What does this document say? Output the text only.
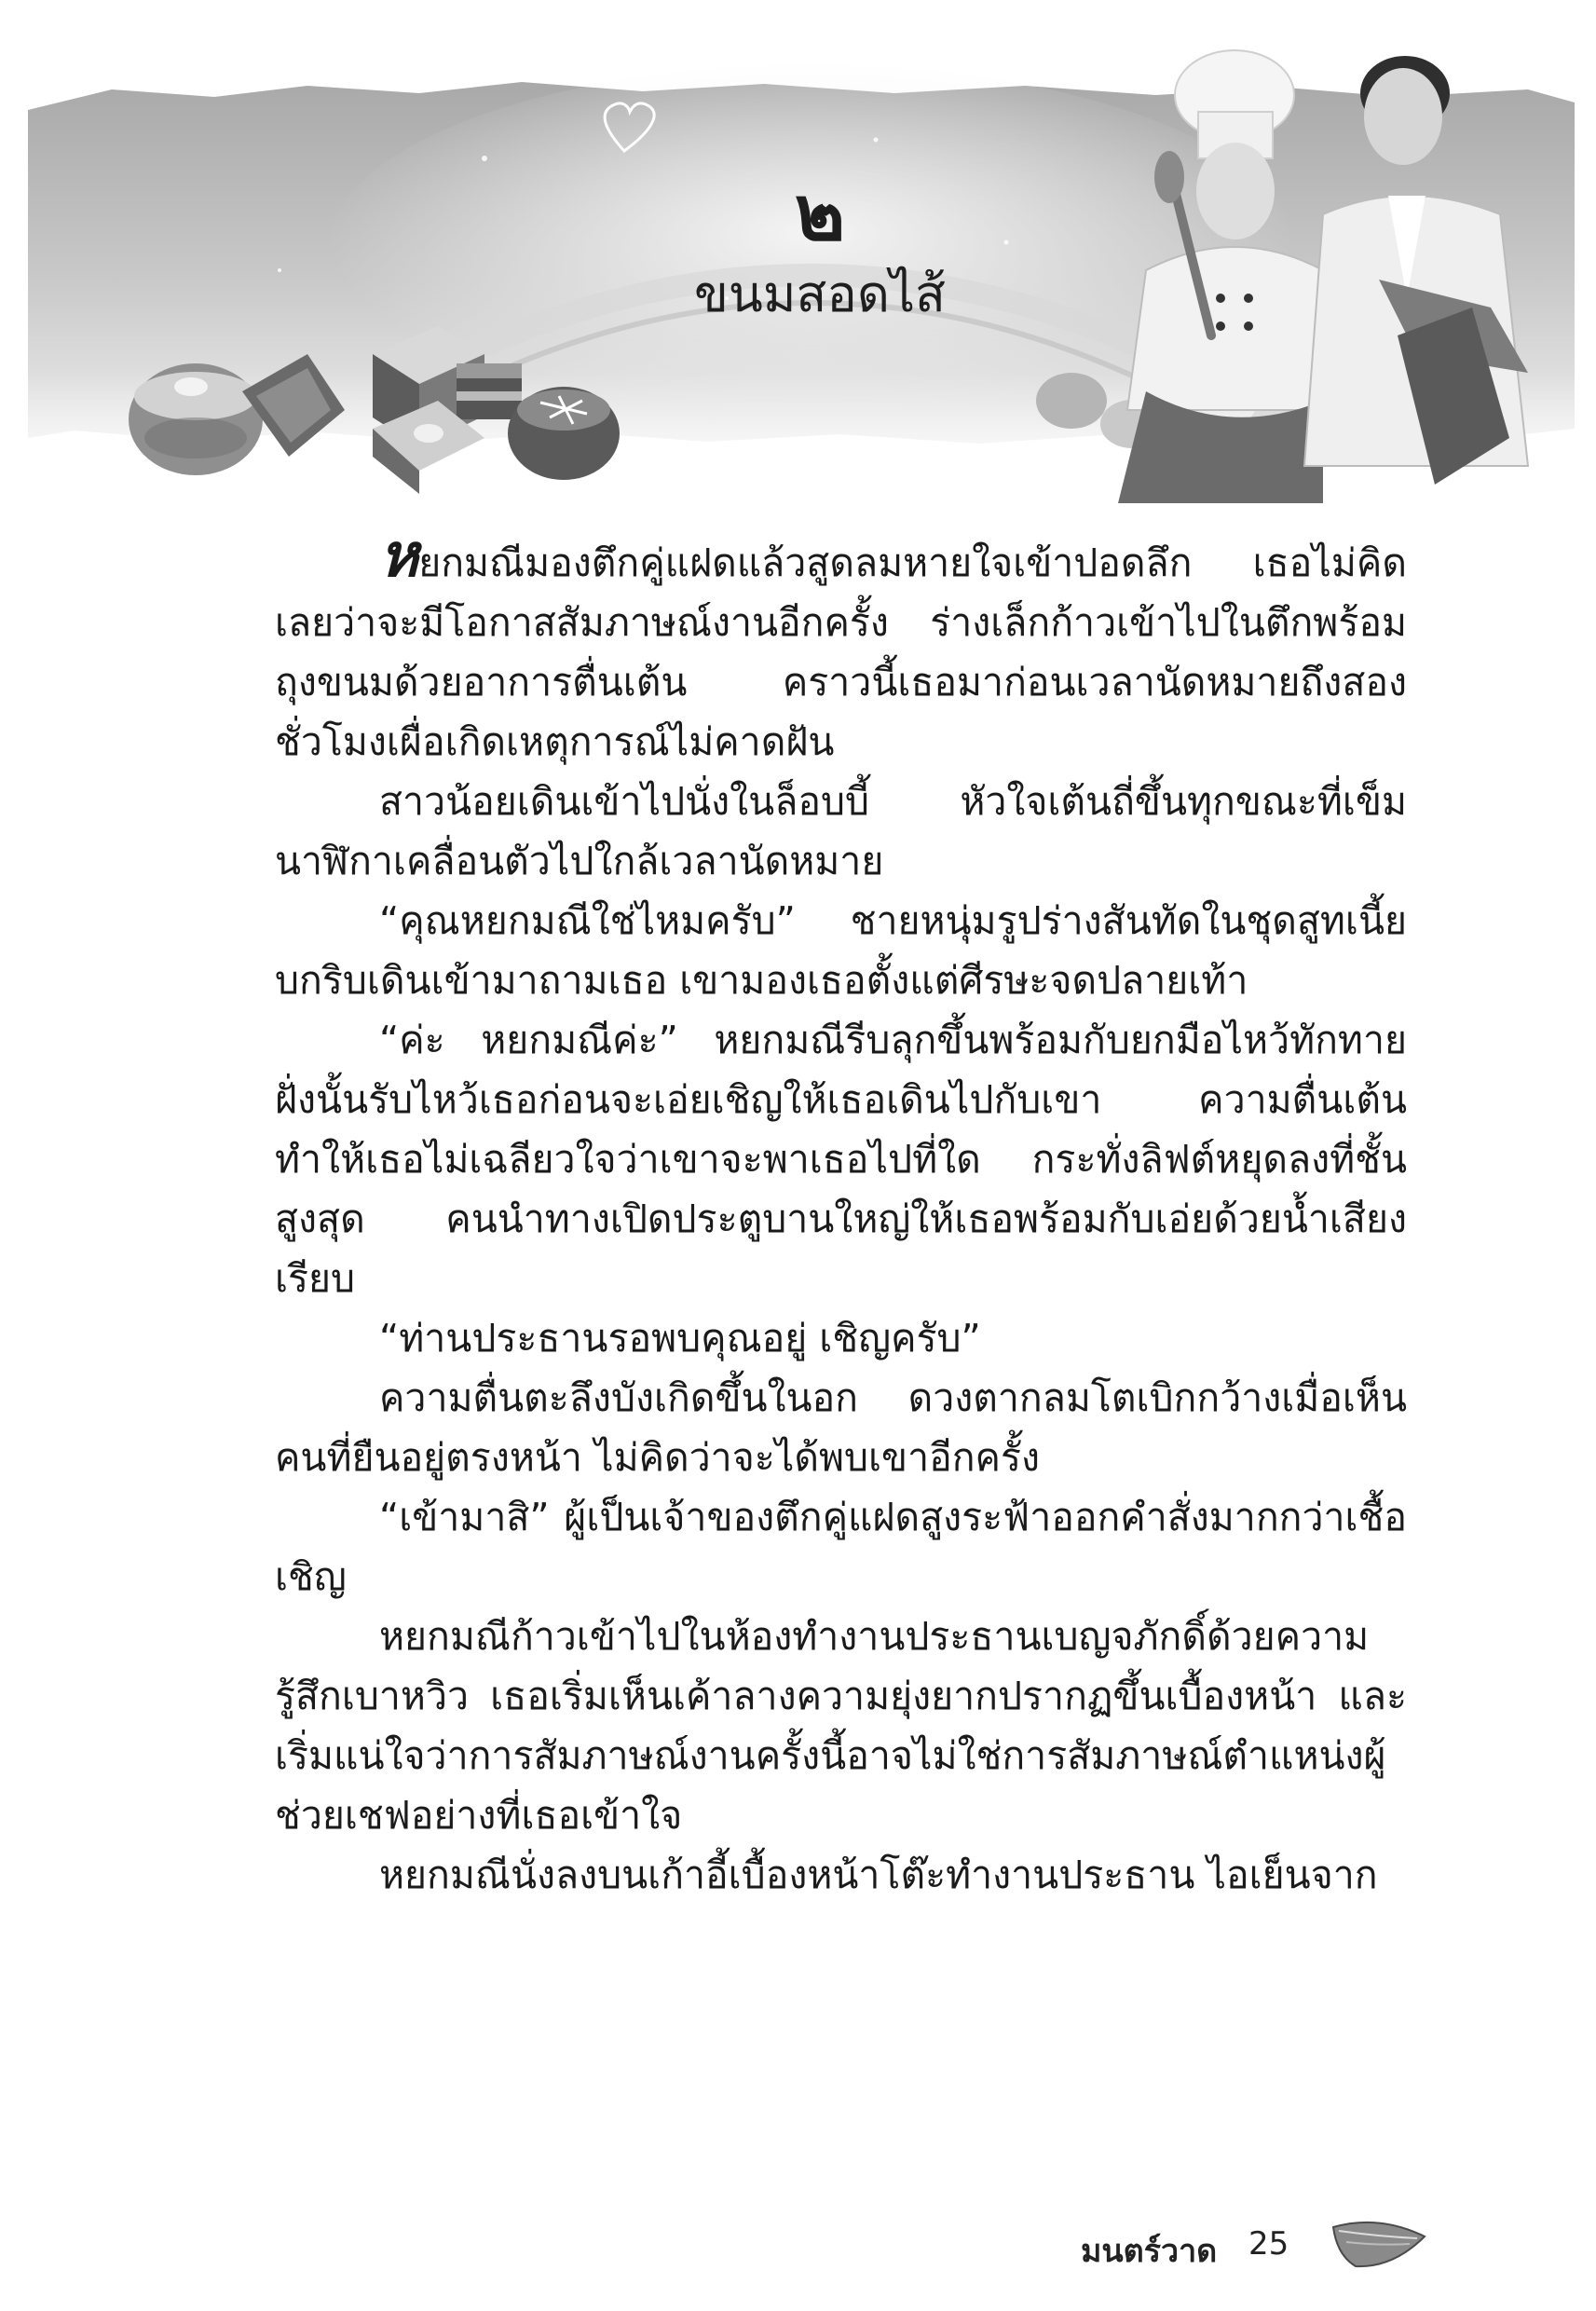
๒
ขนมสอดไส้

หยกมณีมองตึกคู่แฝดแล้วสูดลมหายใจเข้าปอดลึก เธอไม่คิดเลยว่าจะมีโอกาสสัมภาษณ์งานอีกครั้ง ร่างเล็กก้าวเข้าไปในตึกพร้อมถุงขนมด้วยอาการตื่นเต้น คราวนี้เธอมาก่อนเวลานัดหมายถึงสองชั่วโมงเผื่อเกิดเหตุการณ์ไม่คาดฝัน

สาวน้อยเดินเข้าไปนั่งในล็อบบี้ หัวใจเต้นถี่ขึ้นทุกขณะที่เข็มนาฬิกาเคลื่อนตัวไปใกล้เวลานัดหมาย

“คุณหยกมณีใช่ไหมครับ” ชายหนุ่มรูปร่างสันทัดในชุดสูทเนี้ยบกริบเดินเข้ามาถามเธอ เขามองเธอตั้งแต่ศีรษะจดปลายเท้า

“ค่ะ หยกมณีค่ะ” หยกมณีรีบลุกขึ้นพร้อมกับยกมือไหว้ทักทาย ฝั่งนั้นรับไหว้เธอก่อนจะเอ่ยเชิญให้เธอเดินไปกับเขา ความตื่นเต้นทำให้เธอไม่เฉลียวใจว่าเขาจะพาเธอไปที่ใด กระทั่งลิฟต์หยุดลงที่ชั้นสูงสุด คนนำทางเปิดประตูบานใหญ่ให้เธอพร้อมกับเอ่ยด้วยน้ำเสียงเรียบ

“ท่านประธานรอพบคุณอยู่ เชิญครับ”

ความตื่นตะลึงบังเกิดขึ้นในอก ดวงตากลมโตเบิกกว้างเมื่อเห็นคนที่ยืนอยู่ตรงหน้า ไม่คิดว่าจะได้พบเขาอีกครั้ง

“เข้ามาสิ” ผู้เป็นเจ้าของตึกคู่แฝดสูงระฟ้าออกคำสั่งมากกว่าเชื้อเชิญ

หยกมณีก้าวเข้าไปในห้องทำงานประธานเบญจภักดิ์ด้วยความรู้สึกเบาหวิว เธอเริ่มเห็นเค้าลางความยุ่งยากปรากฏขึ้นเบื้องหน้า และเริ่มแน่ใจว่าการสัมภาษณ์งานครั้งนี้อาจไม่ใช่การสัมภาษณ์ตำแหน่งผู้ช่วยเชฟอย่างที่เธอเข้าใจ

หยกมณีนั่งลงบนเก้าอี้เบื้องหน้าโต๊ะทำงานประธาน ไอเย็นจาก

มนตร์วาด 25
